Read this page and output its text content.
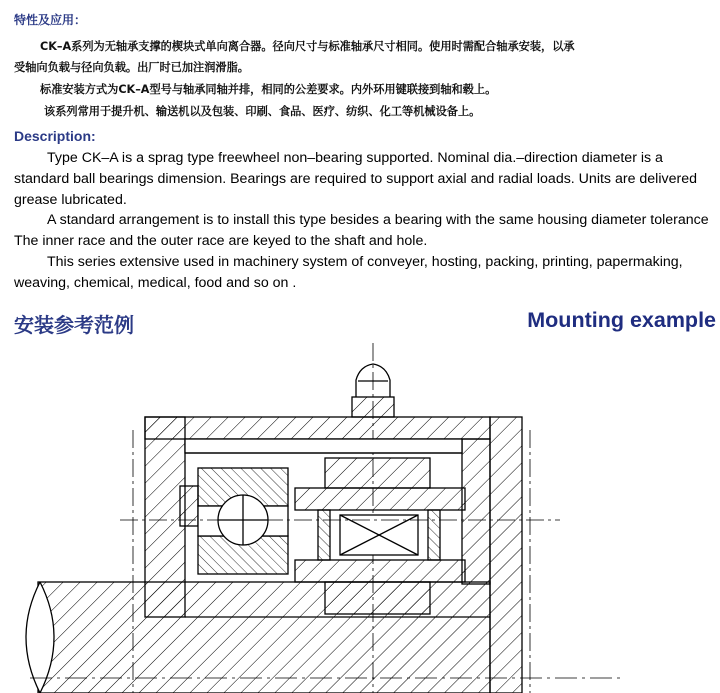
特性及应用：

CK–A系列为无轴承支撑的楔块式单向离合器。径向尺寸与标准轴承尺寸相同。使用时需配合轴承安装，以承

受轴向负载与径向负载。出厂时已加注润滑脂。

标准安装方式为CK–A型号与轴承同轴并排，相同的公差要求。内外环用键联接到轴和毂上。

该系列常用于提升机、输送机以及包装、印刷、食品、医疗、纺织、化工等机械设备上。

Description:

Type CK–A is a sprag type freewheel non–bearing supported. Nominal dia.–direction diameter is a standard ball bearings dimension. Bearings are required to support axial and radial loads. Units are delivered grease lubricated.

A standard arrangement is to install this type besides a bearing with the same housing diameter tolerance The inner race and the outer race are keyed to the shaft and hole.

This series extensive used in machinery system of conveyer, hosting, packing, printing, papermaking, weaving, chemical, medical, food and so on .

安装参考范例	Mounting example
